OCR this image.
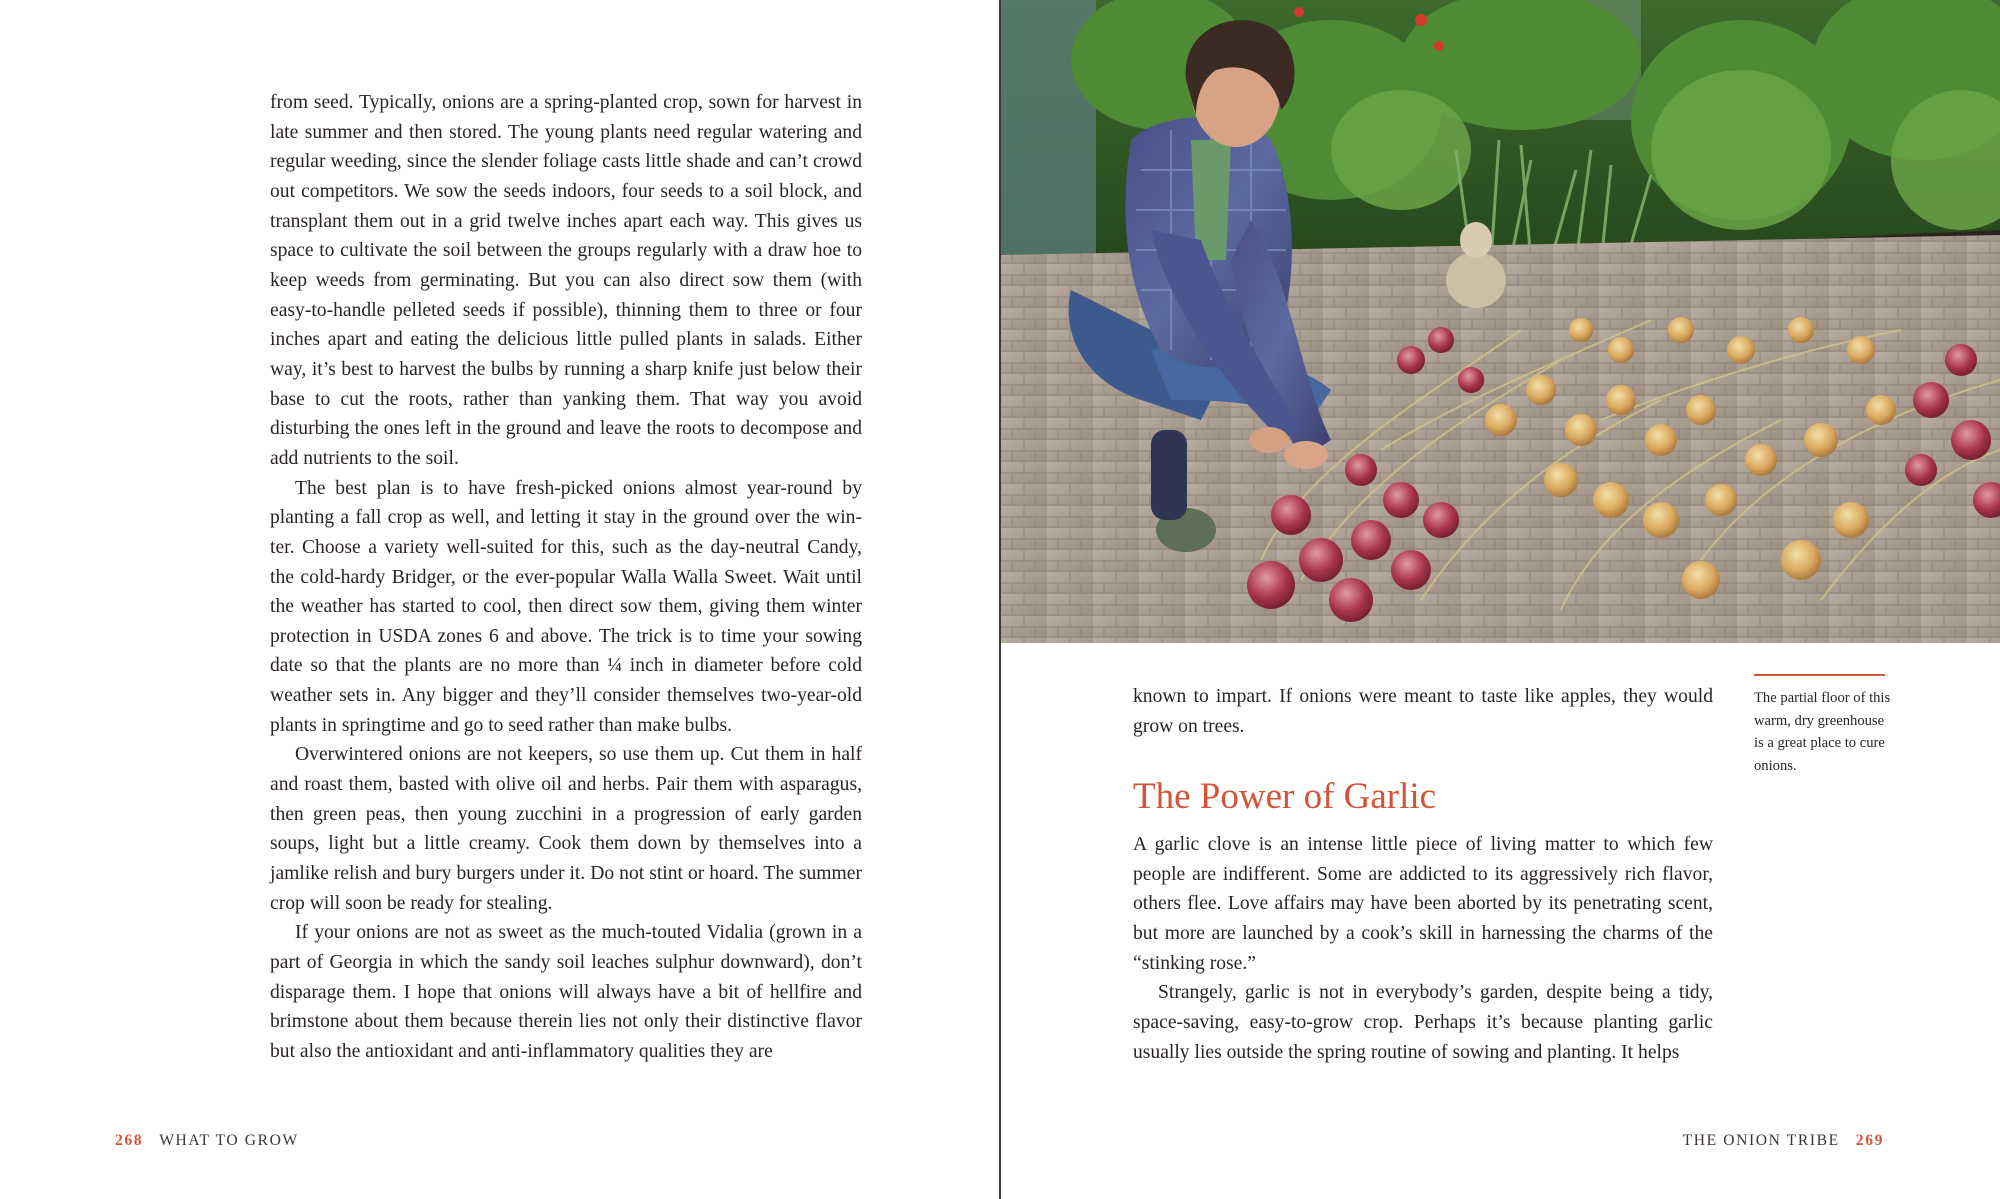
from seed. Typically, onions are a spring-planted crop, sown for harvest in late summer and then stored. The young plants need regular watering and regular weeding, since the slender foliage casts little shade and can’t crowd out competitors. We sow the seeds indoors, four seeds to a soil block, and transplant them out in a grid twelve inches apart each way. This gives us space to cultivate the soil between the groups regularly with a draw hoe to keep weeds from germinating. But you can also direct sow them (with easy-to-handle pelleted seeds if possible), thinning them to three or four inches apart and eating the delicious little pulled plants in salads. Either way, it’s best to harvest the bulbs by running a sharp knife just below their base to cut the roots, rather than yanking them. That way you avoid disturbing the ones left in the ground and leave the roots to decompose and add nutrients to the soil.

The best plan is to have fresh-picked onions almost year-round by planting a fall crop as well, and letting it stay in the ground over the win-ter. Choose a variety well-suited for this, such as the day-neutral Candy, the cold-hardy Bridger, or the ever-popular Walla Walla Sweet. Wait until the weather has started to cool, then direct sow them, giving them winter protection in USDA zones 6 and above. The trick is to time your sowing date so that the plants are no more than ¼ inch in diameter before cold weather sets in. Any bigger and they’ll consider themselves two-year-old plants in springtime and go to seed rather than make bulbs.

Overwintered onions are not keepers, so use them up. Cut them in half and roast them, basted with olive oil and herbs. Pair them with asparagus, then green peas, then young zucchini in a progression of early garden soups, light but a little creamy. Cook them down by themselves into a jamlike relish and bury burgers under it. Do not stint or hoard. The summer crop will soon be ready for stealing.

If your onions are not as sweet as the much-touted Vidalia (grown in a part of Georgia in which the sandy soil leaches sulphur downward), don’t disparage them. I hope that onions will always have a bit of hellfire and brimstone about them because therein lies not only their distinctive flavor but also the antioxidant and anti-inflammatory qualities they are

268 WHAT TO GROW

The partial floor of this warm, dry greenhouse is a great place to cure onions.

known to impart. If onions were meant to taste like apples, they would grow on trees.

The Power of Garlic

A garlic clove is an intense little piece of living matter to which few people are indifferent. Some are addicted to its aggressively rich flavor, others flee. Love affairs may have been aborted by its penetrating scent, but more are launched by a cook’s skill in harnessing the charms of the “stinking rose.”

Strangely, garlic is not in everybody’s garden, despite being a tidy, space-saving, easy-to-grow crop. Perhaps it’s because planting garlic usually lies outside the spring routine of sowing and planting. It helps

THE ONION TRIBE 269
